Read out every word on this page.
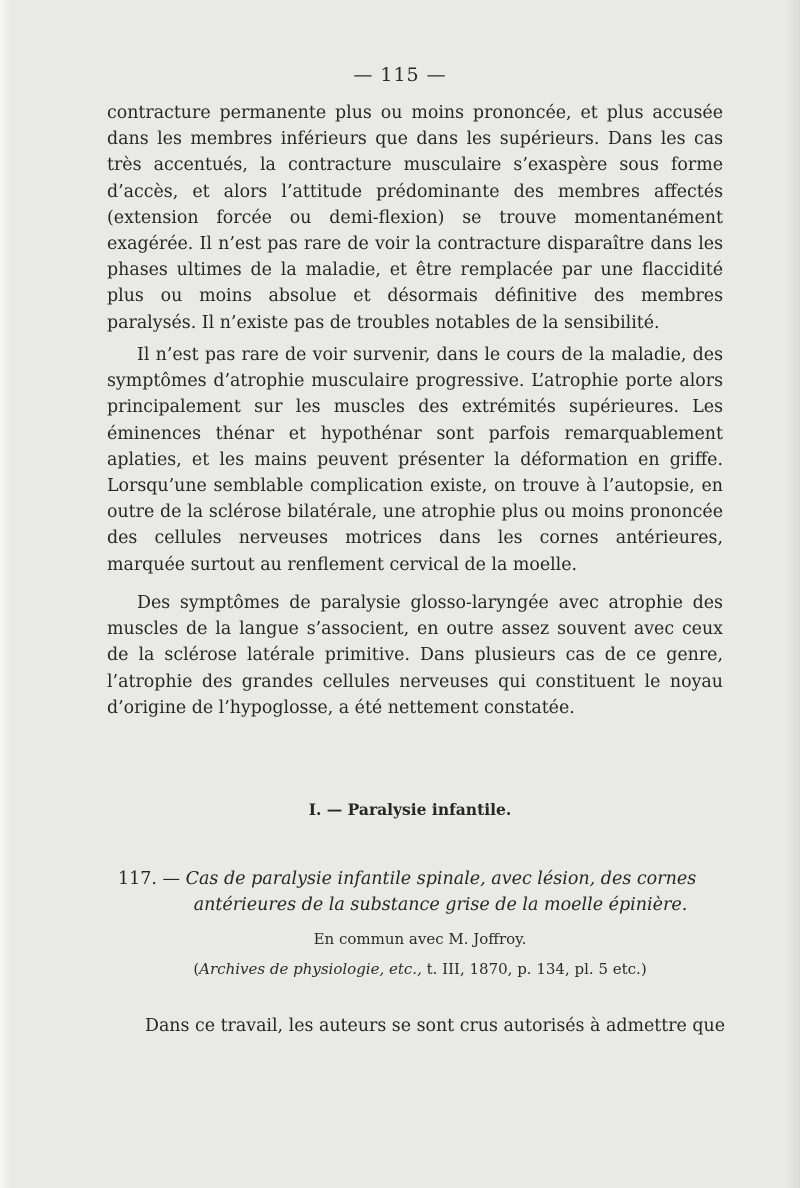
— 115 —

contracture permanente plus ou moins prononcée, et plus accusée dans les membres inférieurs que dans les supérieurs. Dans les cas très accentués, la contracture musculaire s’exaspère sous forme d’accès, et alors l’attitude prédominante des membres affectés (extension forcée ou demi-flexion) se trouve momentanément exagérée. Il n’est pas rare de voir la contracture disparaître dans les phases ultimes de la maladie, et être remplacée par une flaccidité plus ou moins absolue et désormais définitive des membres paralysés. Il n’existe pas de troubles notables de la sensibilité.

Il n’est pas rare de voir survenir, dans le cours de la maladie, des symptômes d’atrophie musculaire progressive. L’atrophie porte alors principalement sur les muscles des extrémités supérieures. Les éminences thénar et hypothénar sont parfois remarquablement aplaties, et les mains peuvent présenter la déformation en griffe. Lorsqu’une semblable complication existe, on trouve à l’autopsie, en outre de la sclérose bilatérale, une atrophie plus ou moins prononcée des cellules nerveuses motrices dans les cornes antérieures, marquée surtout au renflement cervical de la moelle.

Des symptômes de paralysie glosso-laryngée avec atrophie des muscles de la langue s’associent, en outre assez souvent avec ceux de la sclérose latérale primitive. Dans plusieurs cas de ce genre, l’atrophie des grandes cellules nerveuses qui constituent le noyau d’origine de l’hypoglosse, a été nettement constatée.

I. — Paralysie infantile.
117. — Cas de paralysie infantile spinale, avec lésion, des cornes
antérieures de la substance grise de la moelle épinière.
En commun avec M. Joffroy.
(Archives de physiologie, etc., t. III, 1870, p. 134, pl. 5 etc.)

Dans ce travail, les auteurs se sont crus autorisés à admettre que
